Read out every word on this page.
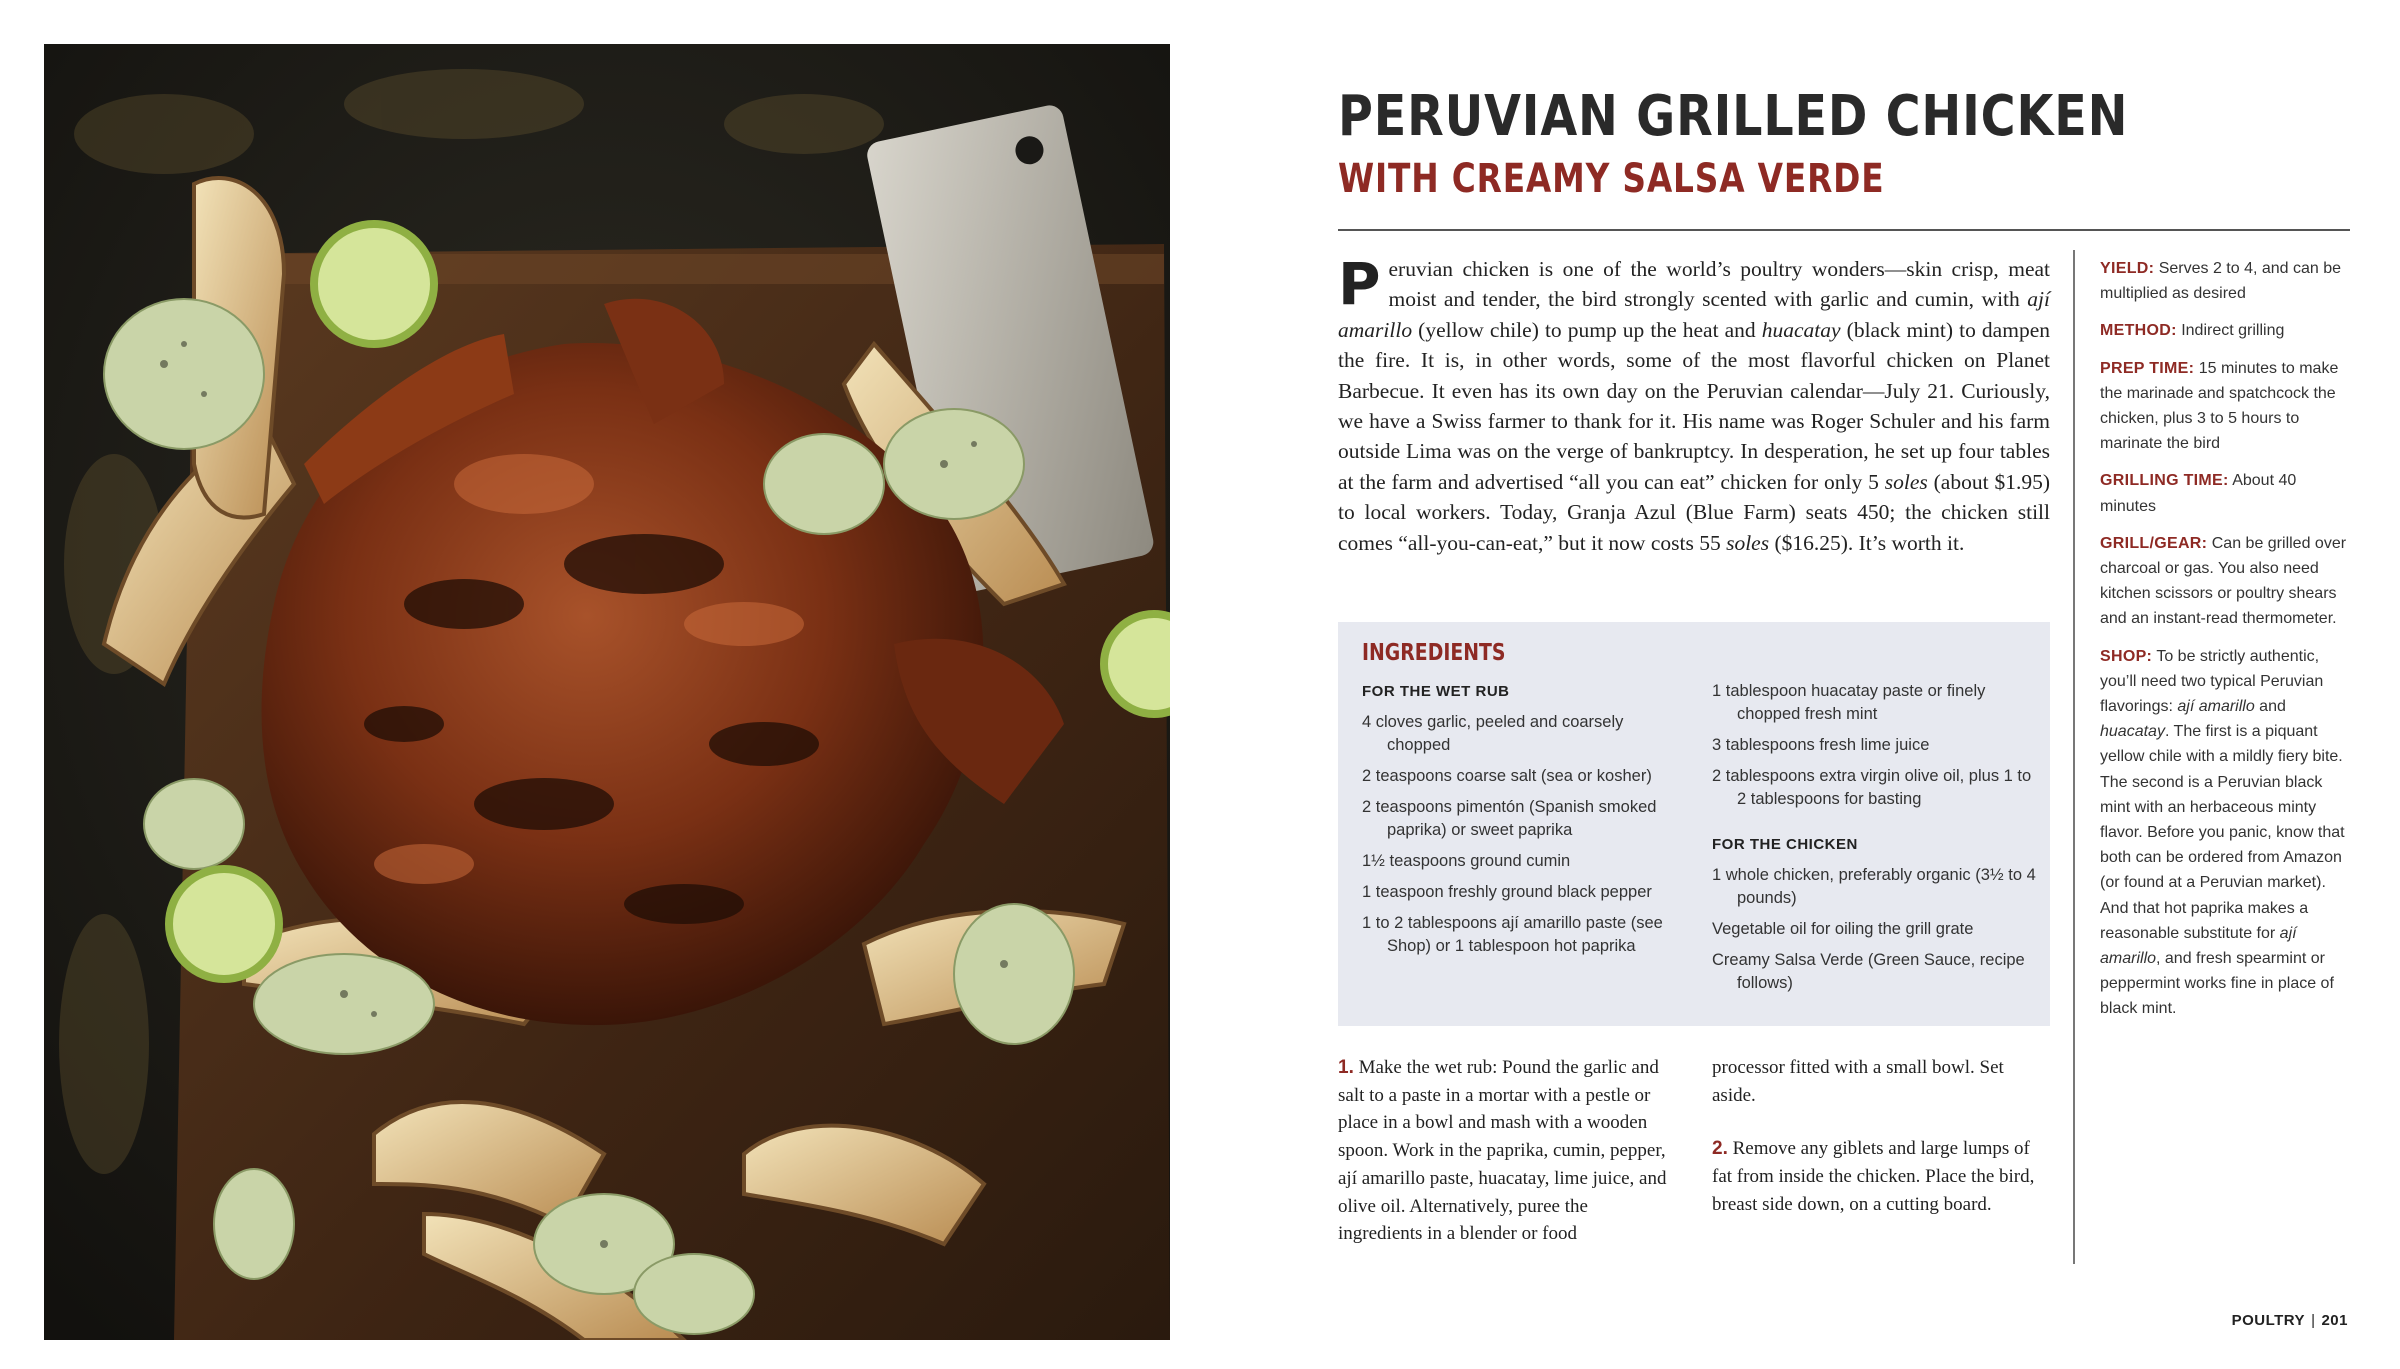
PERUVIAN GRILLED CHICKEN
WITH CREAMY SALSA VERDE

Peruvian chicken is one of the world’s poultry wonders—skin crisp, meat moist and tender, the bird strongly scented with garlic and cumin, with ají amarillo (yellow chile) to pump up the heat and huacatay (black mint) to dampen the fire. It is, in other words, some of the most flavorful chicken on Planet Barbecue. It even has its own day on the Peruvian calendar—July 21. Curiously, we have a Swiss farmer to thank for it. His name was Roger Schuler and his farm outside Lima was on the verge of bankruptcy. In desperation, he set up four tables at the farm and advertised “all you can eat” chicken for only 5 soles (about $1.95) to local workers. Today, Granja Azul (Blue Farm) seats 450; the chicken still comes “all-you-can-eat,” but it now costs 55 soles ($16.25). It’s worth it.

INGREDIENTS
FOR THE WET RUB
4 cloves garlic, peeled and coarsely chopped
2 teaspoons coarse salt (sea or kosher)
2 teaspoons pimentón (Spanish smoked paprika) or sweet paprika
1½ teaspoons ground cumin
1 teaspoon freshly ground black pepper
1 to 2 tablespoons ají amarillo paste (see Shop) or 1 tablespoon hot paprika
1 tablespoon huacatay paste or finely chopped fresh mint
3 tablespoons fresh lime juice
2 tablespoons extra virgin olive oil, plus 1 to 2 tablespoons for basting
FOR THE CHICKEN
1 whole chicken, preferably organic (3½ to 4 pounds)
Vegetable oil for oiling the grill grate
Creamy Salsa Verde (Green Sauce, recipe follows)

1. Make the wet rub: Pound the garlic and salt to a paste in a mortar with a pestle or place in a bowl and mash with a wooden spoon. Work in the paprika, cumin, pepper, ají amarillo paste, huacatay, lime juice, and olive oil. Alternatively, puree the ingredients in a blender or food

processor fitted with a small bowl. Set aside.

2. Remove any giblets and large lumps of fat from inside the chicken. Place the bird, breast side down, on a cutting board.

YIELD: Serves 2 to 4, and can be multiplied as desired

METHOD: Indirect grilling

PREP TIME: 15 minutes to make the marinade and spatchcock the chicken, plus 3 to 5 hours to marinate the bird

GRILLING TIME: About 40 minutes

GRILL/GEAR: Can be grilled over charcoal or gas. You also need kitchen scissors or poultry shears and an instant-read thermometer.

SHOP: To be strictly authentic, you’ll need two typical Peruvian flavorings: ají amarillo and huacatay. The first is a piquant yellow chile with a mildly fiery bite. The second is a Peruvian black mint with an herbaceous minty flavor. Before you panic, know that both can be ordered from Amazon (or found at a Peruvian market). And that hot paprika makes a reasonable substitute for ají amarillo, and fresh spearmint or peppermint works fine in place of black mint.

POULTRY | 201
